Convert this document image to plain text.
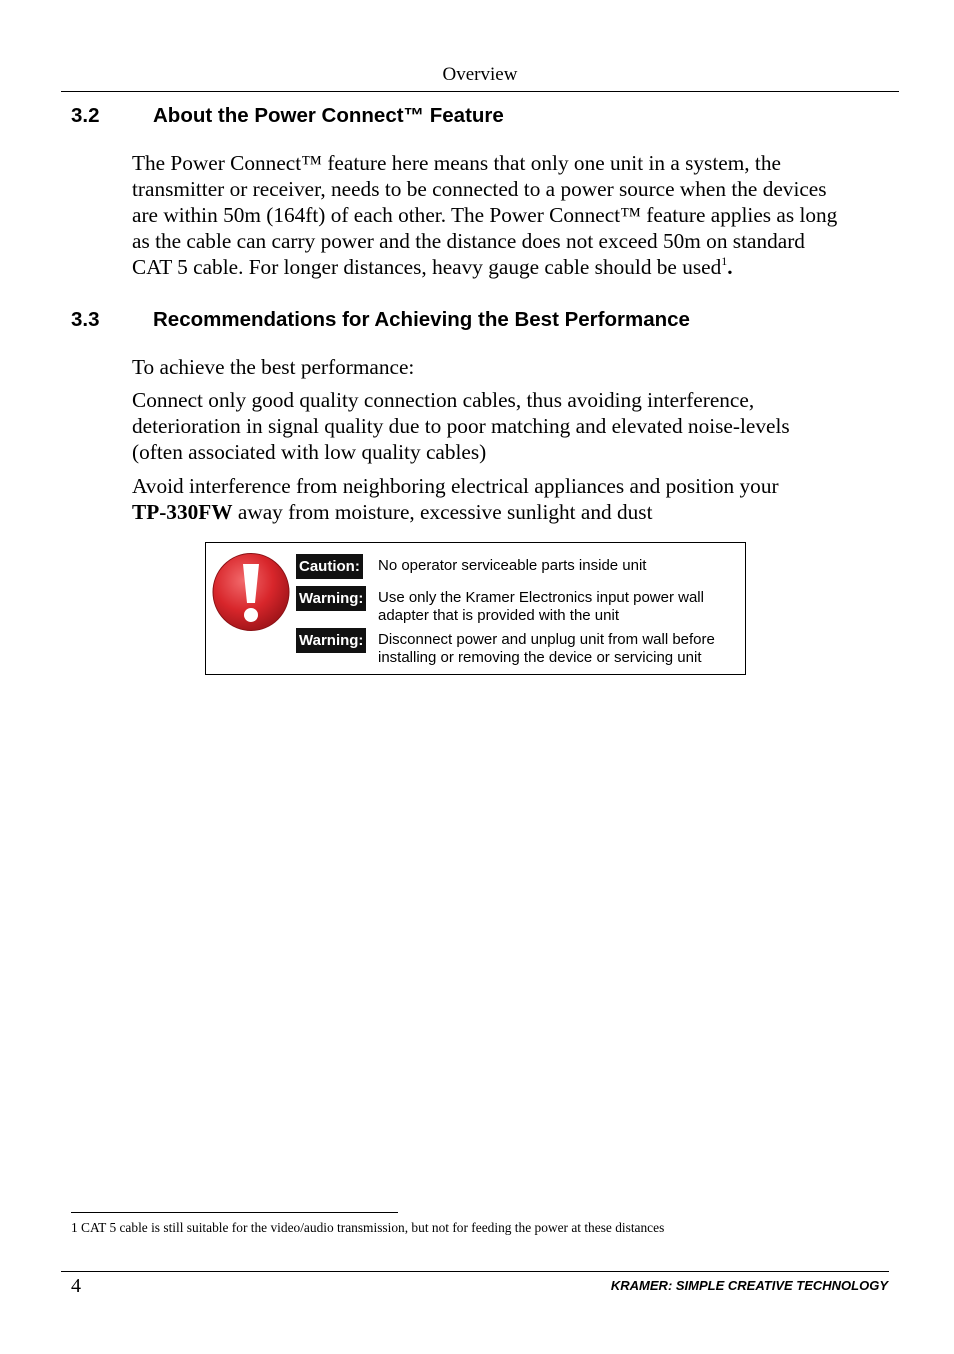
Overview
3.2	About the Power Connect™ Feature

The Power Connect™ feature here means that only one unit in a system, the

transmitter or receiver, needs to be connected to a power source when the devices

are within 50m (164ft) of each other. The Power Connect™ feature applies as long

as the cable can carry power and the distance does not exceed 50m on standard

CAT 5 cable. For longer distances, heavy gauge cable should be used$^1$.

3.3	Recommendations for Achieving the Best Performance

To achieve the best performance:

Connect only good quality connection cables, thus avoiding interference,

deterioration in signal quality due to poor matching and elevated noise-levels

(often associated with low quality cables)

Avoid interference from neighboring electrical appliances and position your

TP-330FW away from moisture, excessive sunlight and dust

Caution: No operator serviceable parts inside unit
Warning: Use only the Kramer Electronics input power wall
adapter that is provided with the unit
Warning: Disconnect power and unplug unit from wall before
installing or removing the device or servicing unit
1 CAT 5 cable is still suitable for the video/audio transmission, but not for feeding the power at these distances
4	KRAMER: SIMPLE CREATIVE TECHNOLOGY
